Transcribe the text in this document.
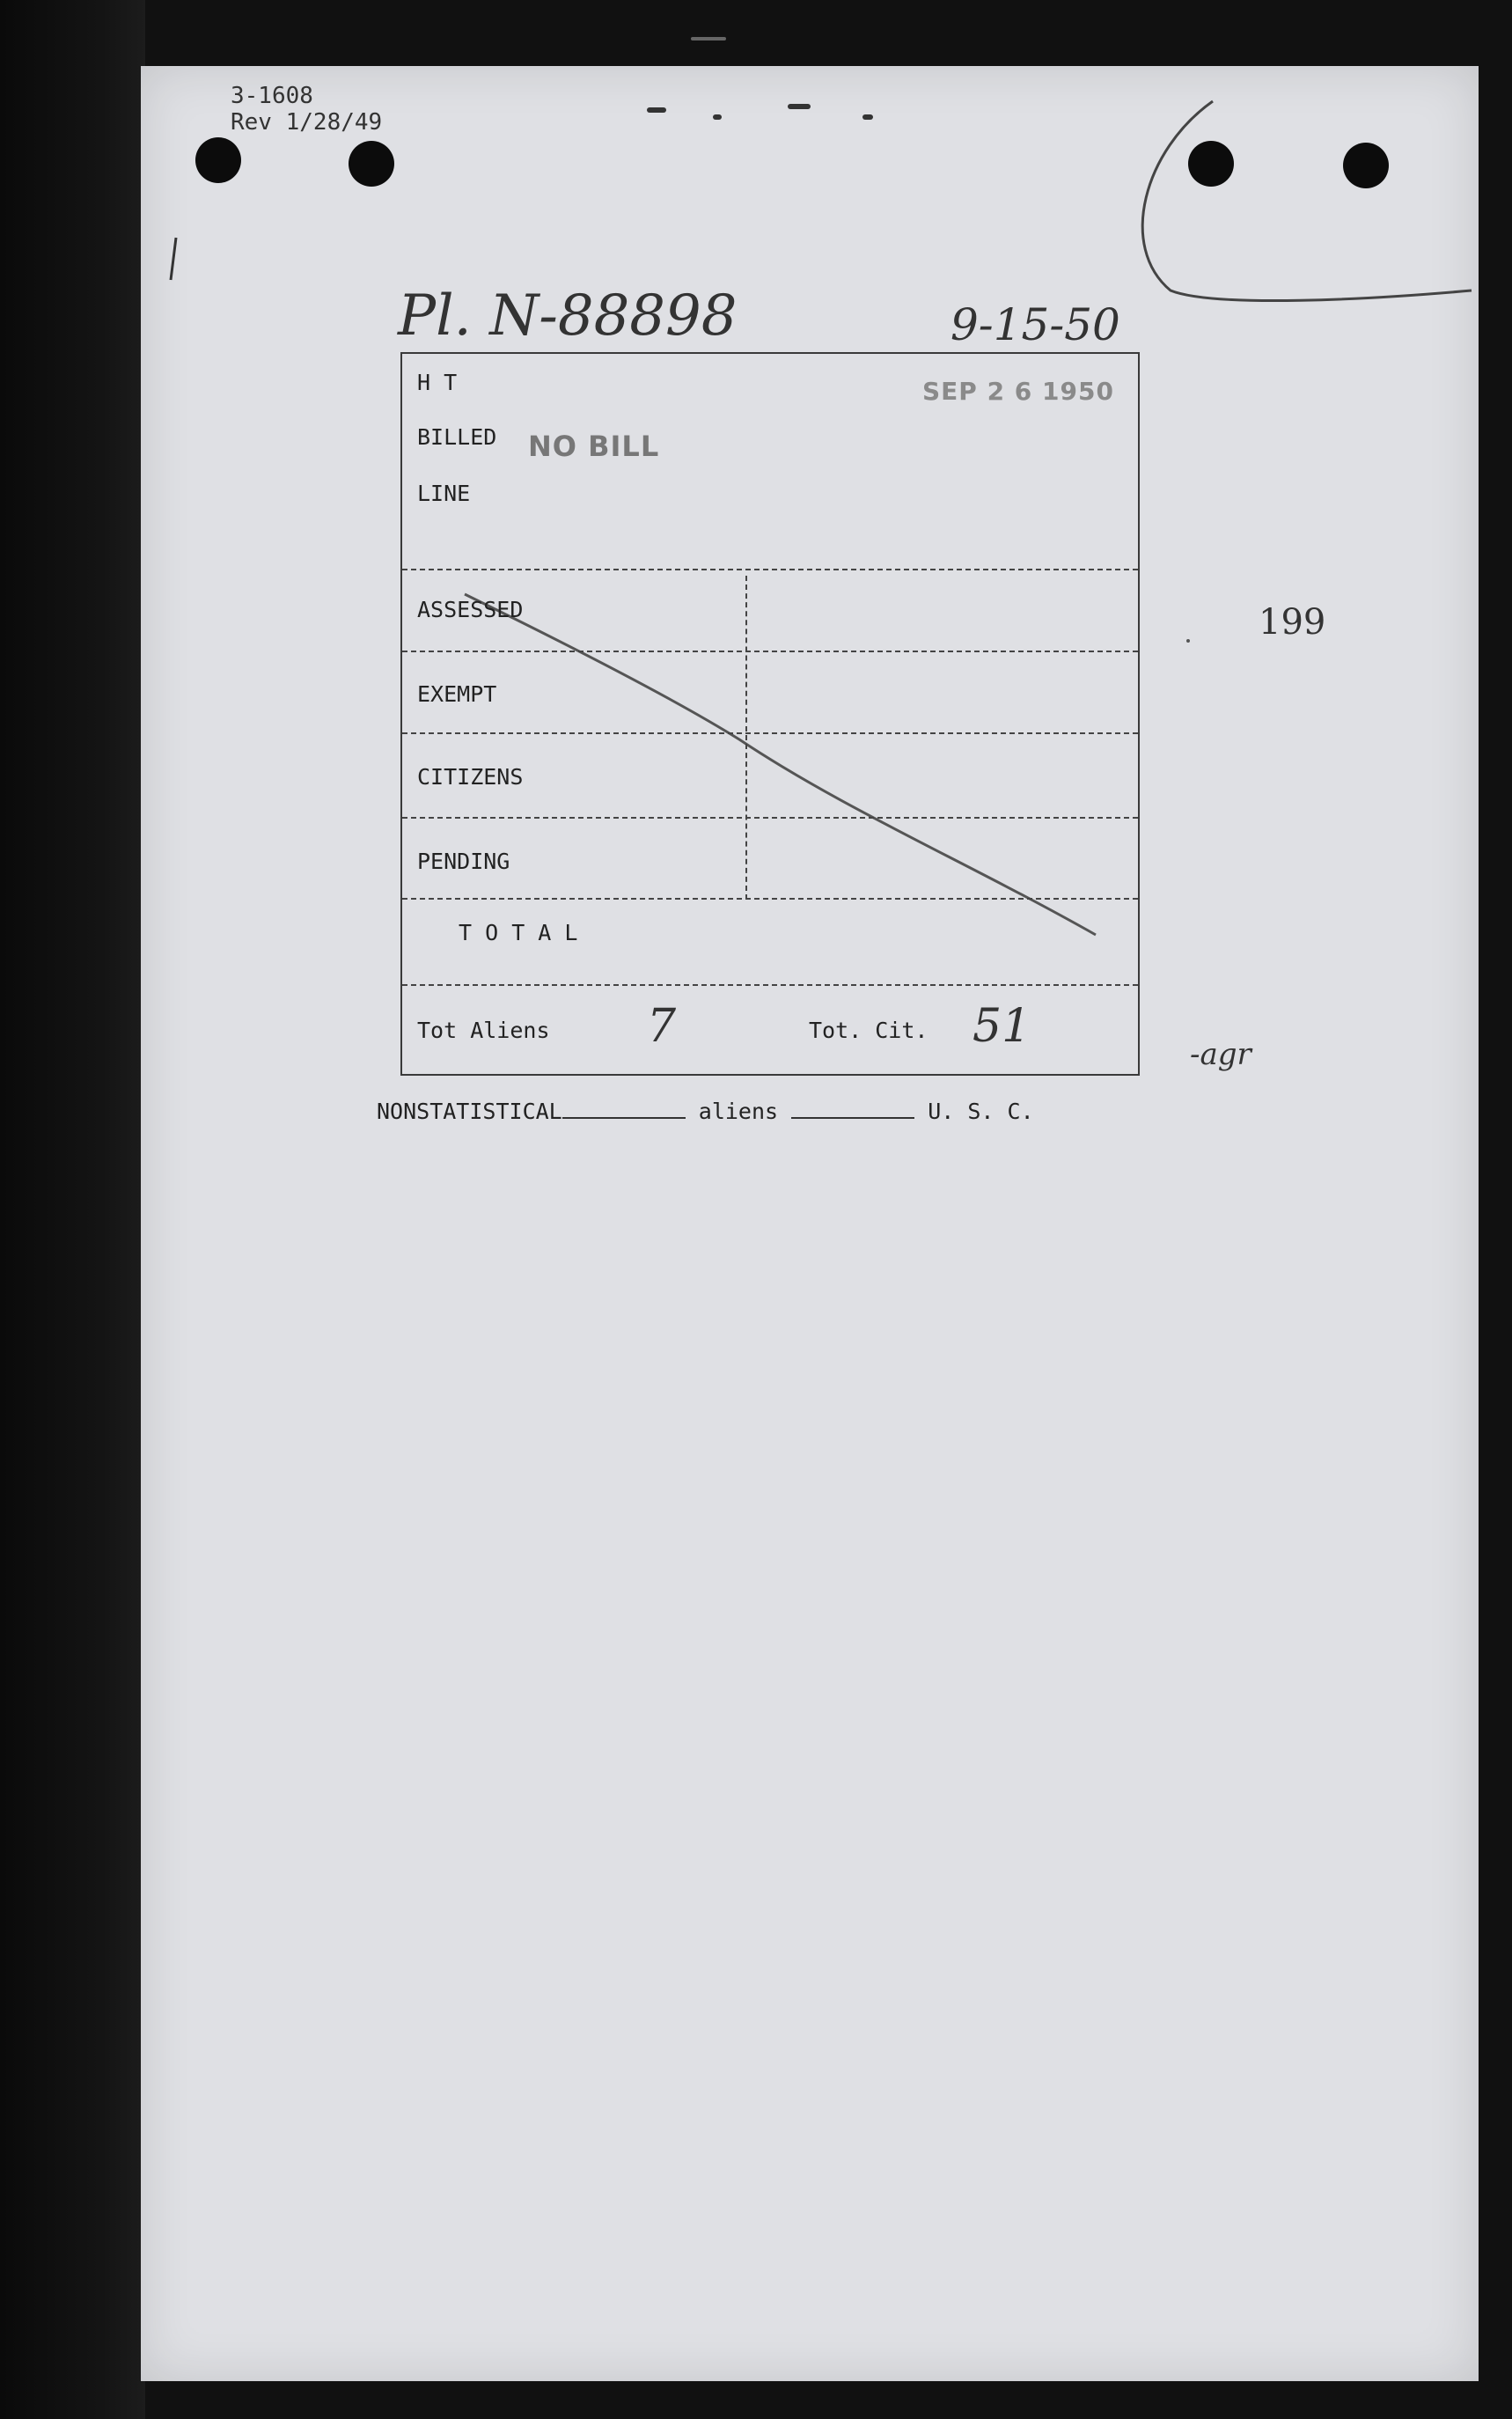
3-1608
Rev 1/28/49
Pl. N-88898	9-15-50
H T
BILLED
LINE
ASSESSED
EXEMPT
CITIZENS
PENDING
T O T A L
Tot Aliens 7	Tot. Cit. 51
SEP 2 6 1950
NO BILL
199
-agr
NONSTATISTICAL	aliens	U. S. C.
